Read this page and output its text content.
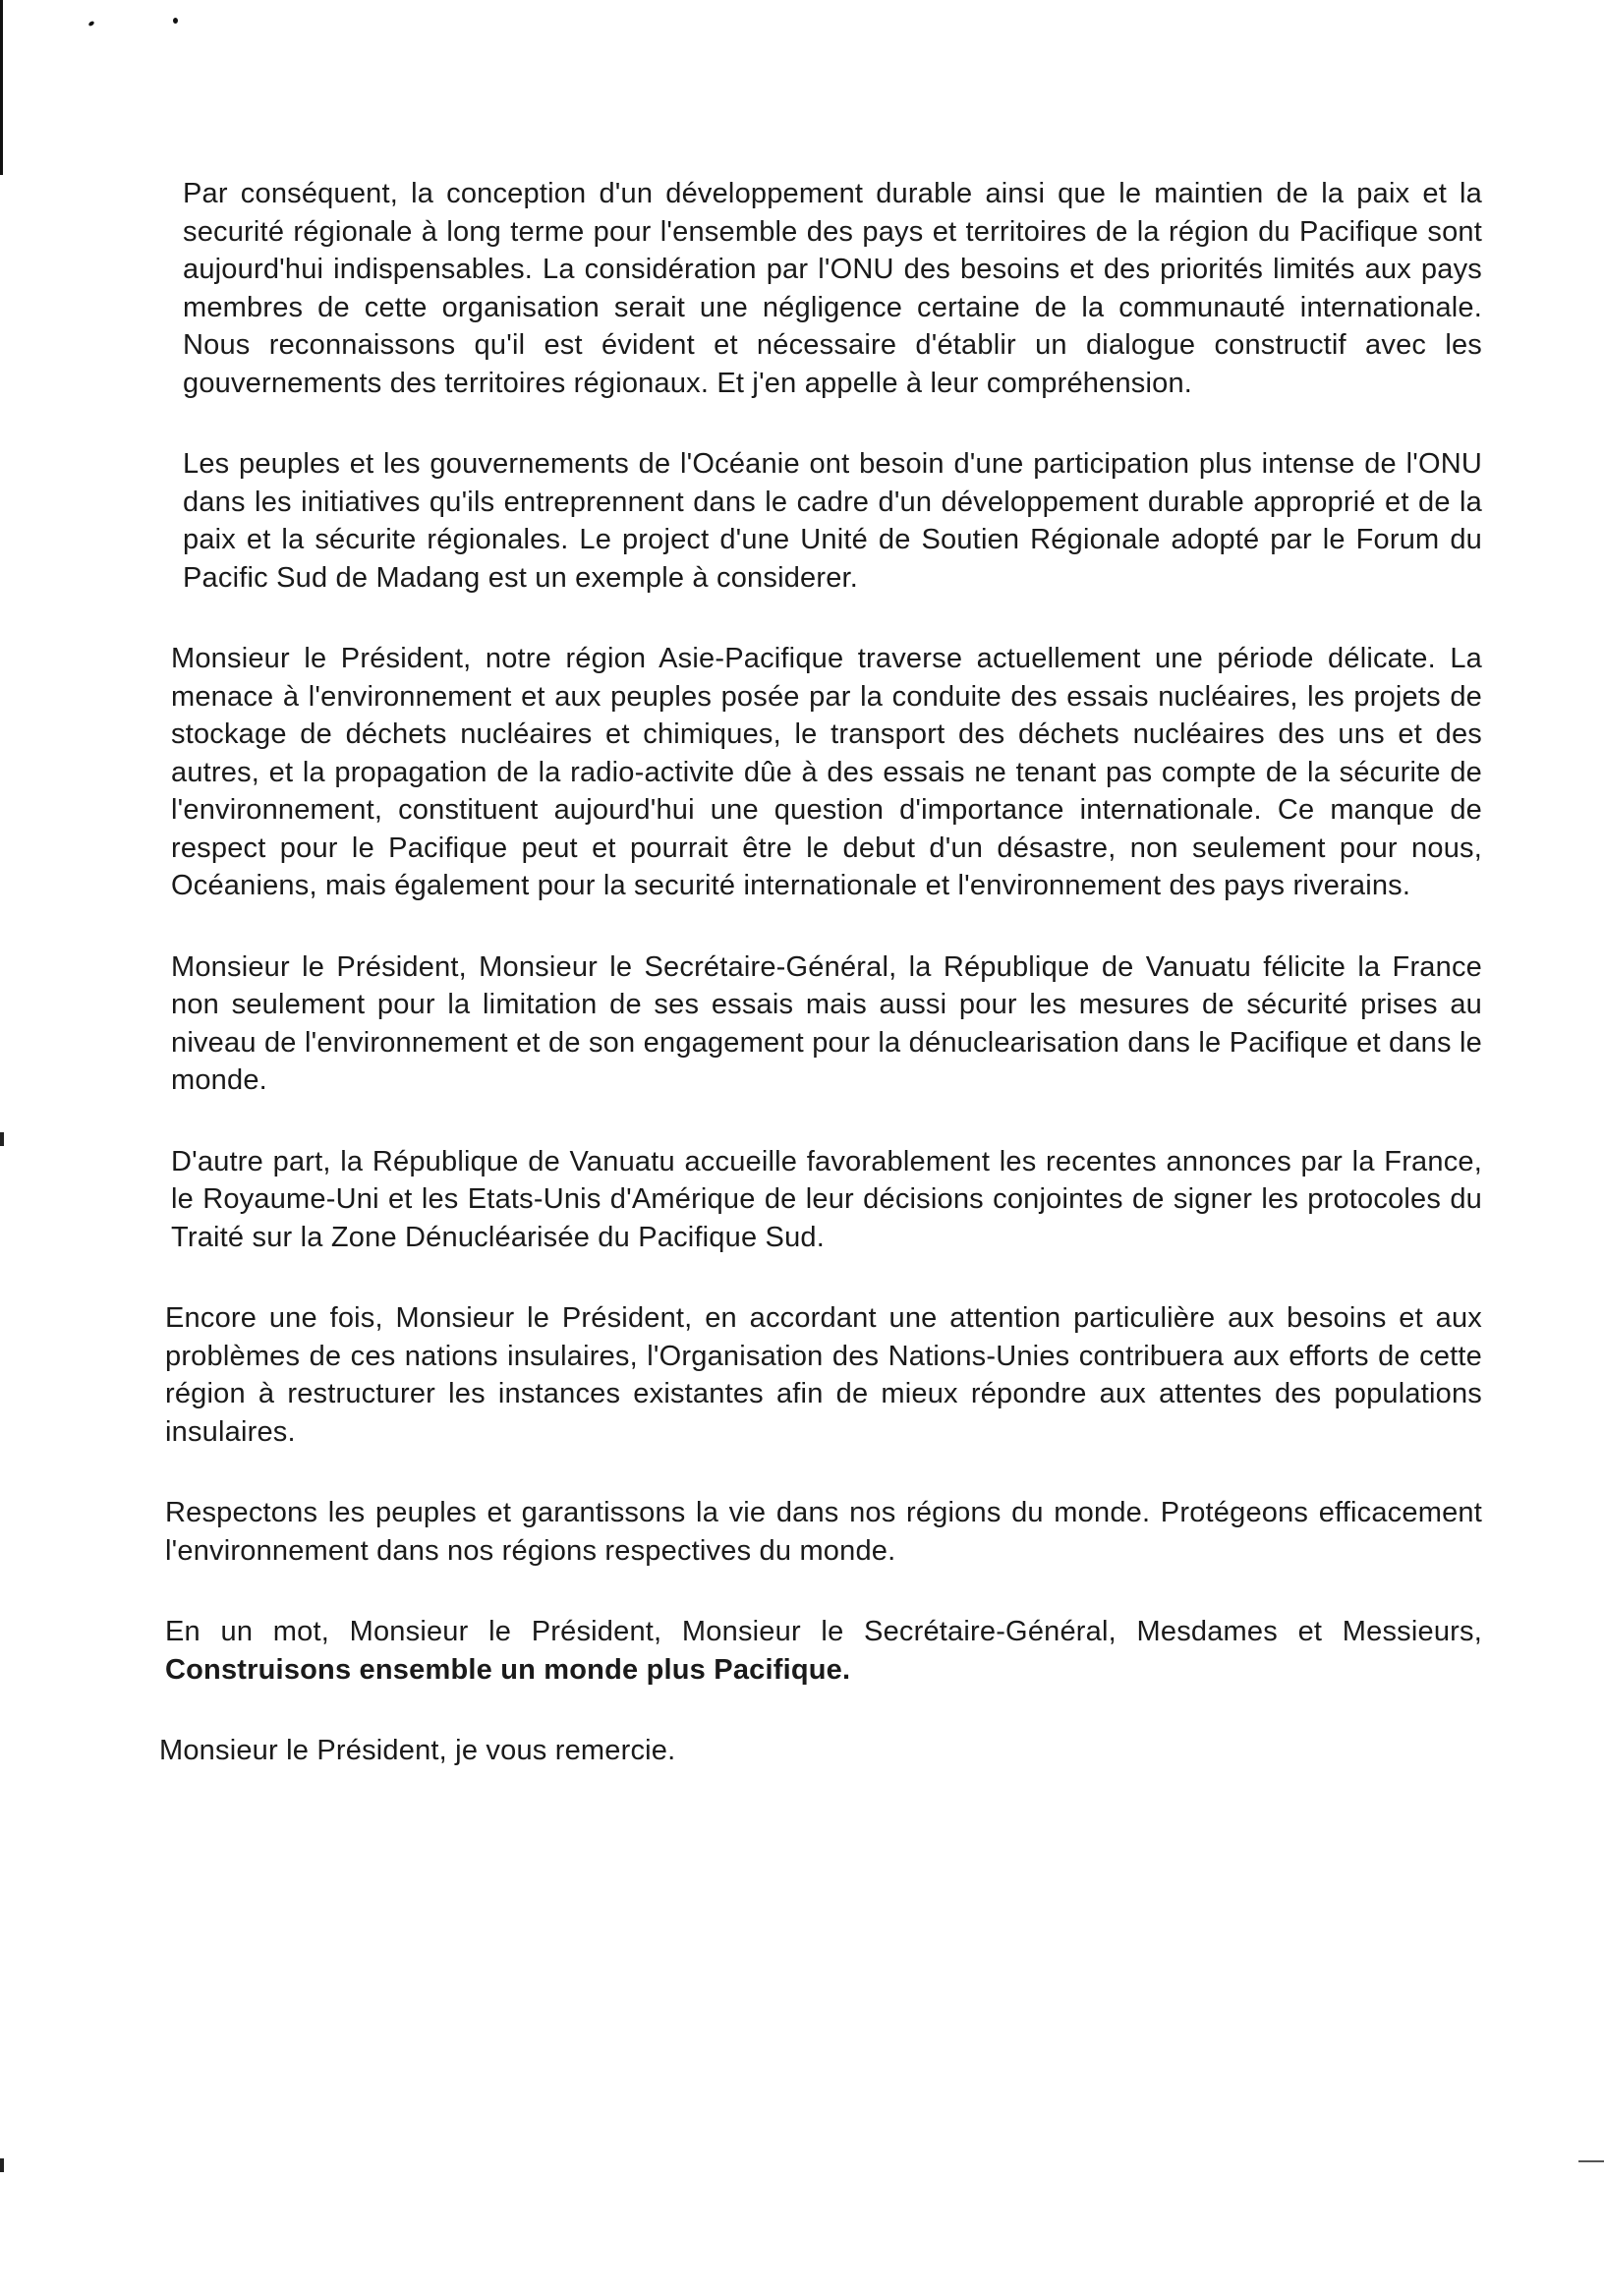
Par conséquent, la conception d'un développement durable ainsi que le maintien de la paix et la securité régionale à long terme pour l'ensemble des pays et territoires de la région du Pacifique sont aujourd'hui indispensables. La considération par l'ONU des besoins et des priorités limités aux pays membres de cette organisation serait une négligence certaine de la communauté internationale. Nous reconnaissons qu'il est évident et nécessaire d'établir un dialogue constructif avec les gouvernements des territoires régionaux. Et j'en appelle à leur compréhension.

Les peuples et les gouvernements de l'Océanie ont besoin d'une participation plus intense de l'ONU dans les initiatives qu'ils entreprennent dans le cadre d'un développement durable approprié et de la paix et la sécurite régionales. Le project d'une Unité de Soutien Régionale adopté par le Forum du Pacific Sud de Madang est un exemple à considerer.

Monsieur le Président, notre région Asie-Pacifique traverse actuellement une période délicate. La menace à l'environnement et aux peuples posée par la conduite des essais nucléaires, les projets de stockage de déchets nucléaires et chimiques, le transport des déchets nucléaires des uns et des autres, et la propagation de la radio-activite dûe à des essais ne tenant pas compte de la sécurite de l'environnement, constituent aujourd'hui une question d'importance internationale. Ce manque de respect pour le Pacifique peut et pourrait être le debut d'un désastre, non seulement pour nous, Océaniens, mais également pour la securité internationale et l'environnement des pays riverains.

Monsieur le Président, Monsieur le Secrétaire-Général, la République de Vanuatu félicite la France non seulement pour la limitation de ses essais mais aussi pour les mesures de sécurité prises au niveau de l'environnement et de son engagement pour la dénuclearisation dans le Pacifique et dans le monde.

D'autre part, la République de Vanuatu accueille favorablement les recentes annonces par la France, le Royaume-Uni et les Etats-Unis d'Amérique de leur décisions conjointes de signer les protocoles du Traité sur la Zone Dénucléarisée du Pacifique Sud.

Encore une fois, Monsieur le Président, en accordant une attention particulière aux besoins et aux problèmes de ces nations insulaires, l'Organisation des Nations-Unies contribuera aux efforts de cette région à restructurer les instances existantes afin de mieux répondre aux attentes des populations insulaires.

Respectons les peuples et garantissons la vie dans nos régions du monde. Protégeons efficacement l'environnement dans nos régions respectives du monde.

En un mot, Monsieur le Président, Monsieur le Secrétaire-Général, Mesdames et Messieurs, Construisons ensemble un monde plus Pacifique.

Monsieur le Président, je vous remercie.
